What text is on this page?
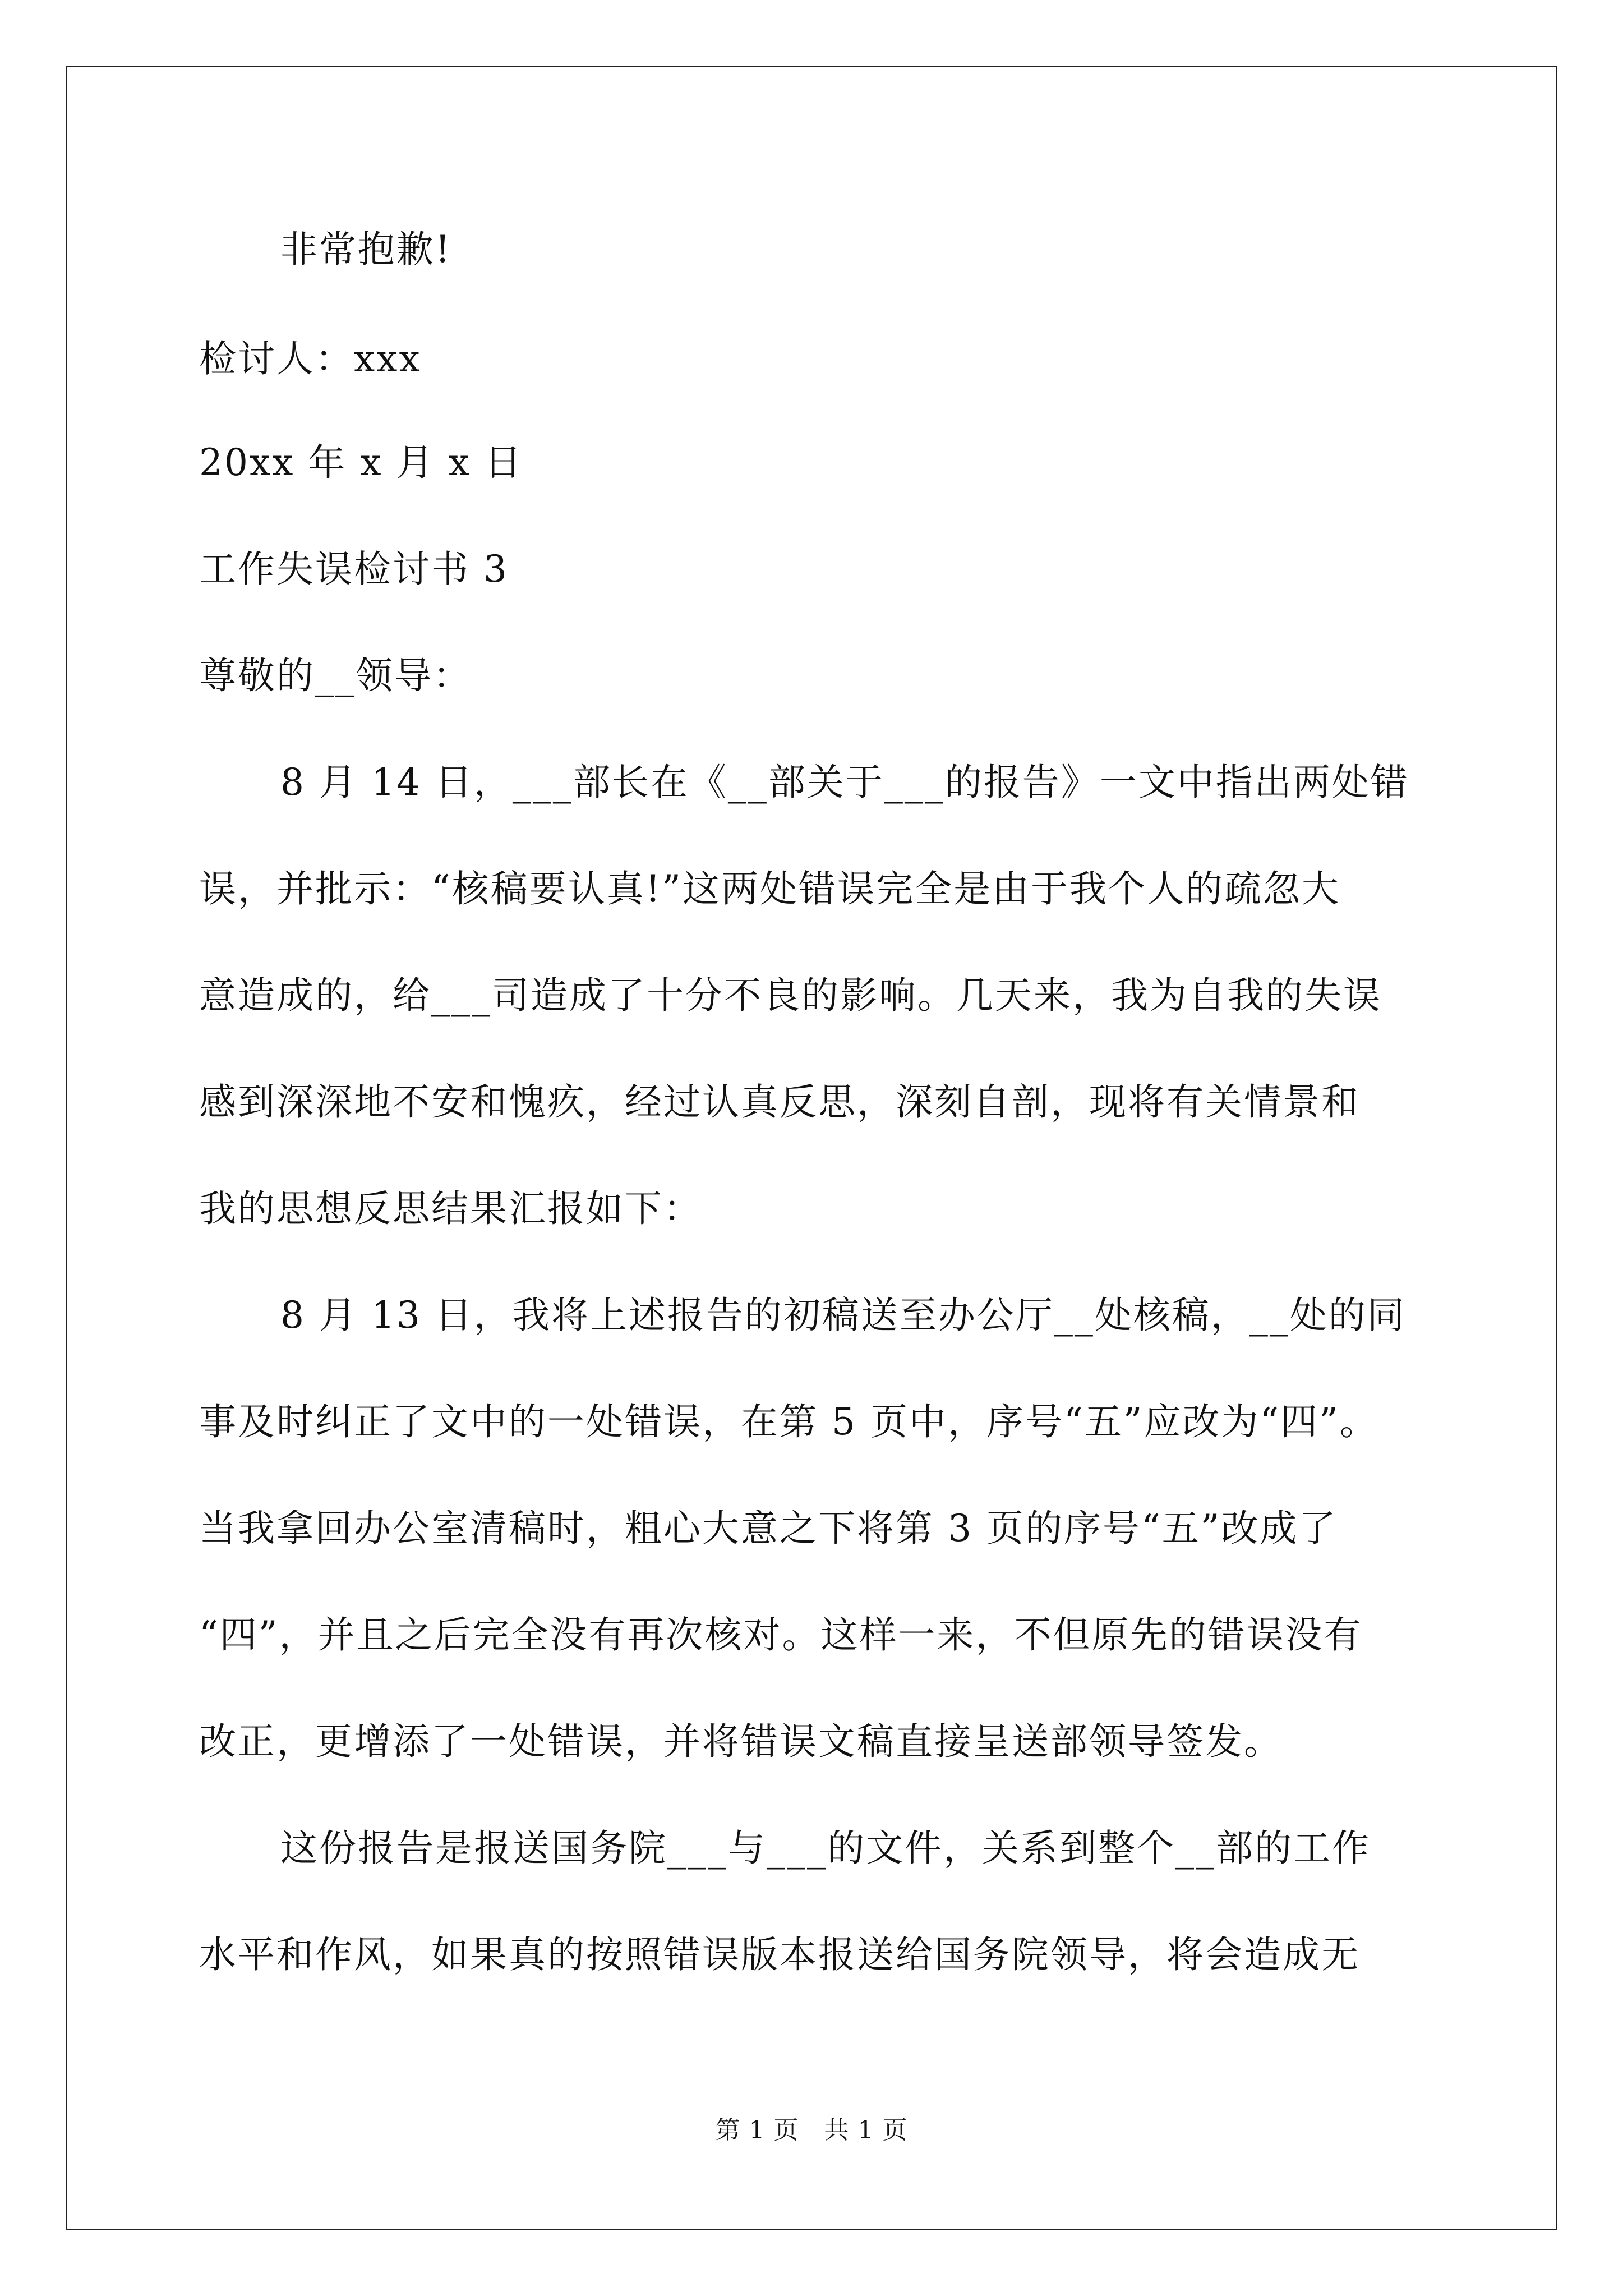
非常抱歉!
检讨人：xxx
20xx 年 x 月 x 日
工作失误检讨书 3
尊敬的__领导：
8 月 14 日，___部长在《__部关于___的报告》一文中指出两处错
误，并批示：“核稿要认真!”这两处错误完全是由于我个人的疏忽大
意造成的，给___司造成了十分不良的影响。几天来，我为自我的失误
感到深深地不安和愧疚，经过认真反思，深刻自剖，现将有关情景和
我的思想反思结果汇报如下：
8 月 13 日，我将上述报告的初稿送至办公厅__处核稿，__处的同
事及时纠正了文中的一处错误，在第 5 页中，序号“五”应改为“四”。
当我拿回办公室清稿时，粗心大意之下将第 3 页的序号“五”改成了
“四”，并且之后完全没有再次核对。这样一来，不但原先的错误没有
改正，更增添了一处错误，并将错误文稿直接呈送部领导签发。
这份报告是报送国务院___与___的文件，关系到整个__部的工作
水平和作风，如果真的按照错误版本报送给国务院领导，将会造成无
第 1 页　共 1 页
